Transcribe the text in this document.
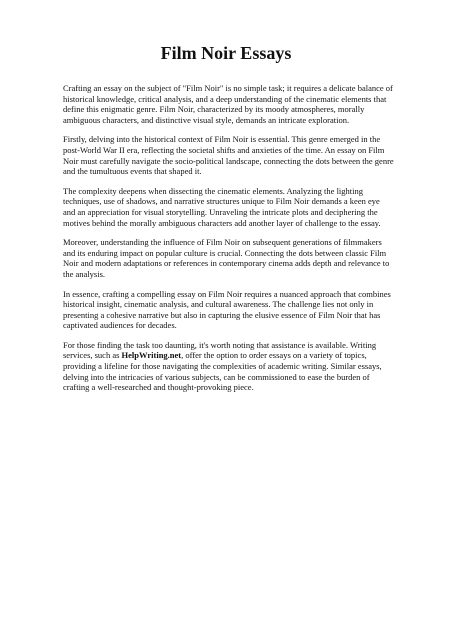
Film Noir Essays

Crafting an essay on the subject of "Film Noir" is no simple task; it requires a delicate balance of historical knowledge, critical analysis, and a deep understanding of the cinematic elements that define this enigmatic genre. Film Noir, characterized by its moody atmospheres, morally ambiguous characters, and distinctive visual style, demands an intricate exploration.

Firstly, delving into the historical context of Film Noir is essential. This genre emerged in the post-World War II era, reflecting the societal shifts and anxieties of the time. An essay on Film Noir must carefully navigate the socio-political landscape, connecting the dots between the genre and the tumultuous events that shaped it.

The complexity deepens when dissecting the cinematic elements. Analyzing the lighting techniques, use of shadows, and narrative structures unique to Film Noir demands a keen eye and an appreciation for visual storytelling. Unraveling the intricate plots and deciphering the motives behind the morally ambiguous characters add another layer of challenge to the essay.

Moreover, understanding the influence of Film Noir on subsequent generations of filmmakers and its enduring impact on popular culture is crucial. Connecting the dots between classic Film Noir and modern adaptations or references in contemporary cinema adds depth and relevance to the analysis.

In essence, crafting a compelling essay on Film Noir requires a nuanced approach that combines historical insight, cinematic analysis, and cultural awareness. The challenge lies not only in presenting a cohesive narrative but also in capturing the elusive essence of Film Noir that has captivated audiences for decades.

For those finding the task too daunting, it's worth noting that assistance is available. Writing services, such as HelpWriting.net, offer the option to order essays on a variety of topics, providing a lifeline for those navigating the complexities of academic writing. Similar essays, delving into the intricacies of various subjects, can be commissioned to ease the burden of crafting a well-researched and thought-provoking piece.
